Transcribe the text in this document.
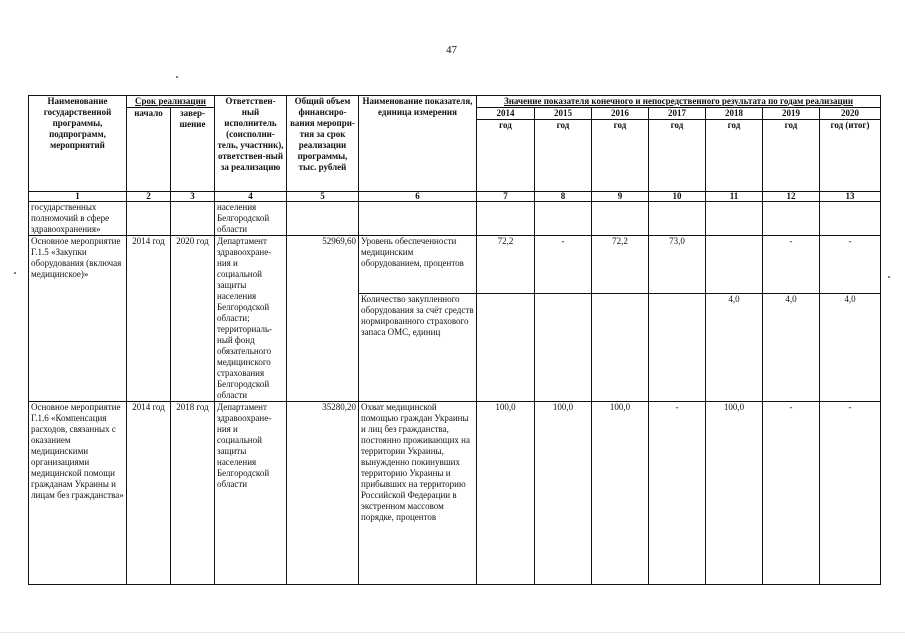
47
Наименование государственной программы, подпрограмм, мероприятий	Срок реализации		Ответствен-ный исполнитель (соисполни-тель, участник), ответствен-ный за реализацию	Общий объем финансиро-вания меропри-тия за срок реализации программы, тыс. рублей	Наименование показателя, единица измерения	Значение показателя конечного и непосредственного результата по годам реализации						
	начало	завер-шение				2014	2015	2016	2017	2018	2019	2020
						год	год	год	год	год	год	год (итог)
1	2	3	4	5	6	7	8	9	10	11	12	13
государственных полномочий в сфере здравоохранения»			населения Белгородской области									
Основное мероприятие Г.1.5 «Закупки оборудования (включая медицинское)»	2014 год	2020 год	Департамент здравоохране-ния и социальной защиты населения Белгородской области; территориаль-ный фонд обязательного медицинского страхования Белгородской области	52969,60	Уровень обеспеченности медицинским оборудованием, процентов	72,2	-	72,2	73,0		-	-
					Количество закупленного оборудования за счёт средств нормированного страхового запаса ОМС, единиц					4,0	4,0	4,0
Основное мероприятие Г.1.6 «Компенсация расходов, связанных с оказанием медицинскими организациями медицинской помощи гражданам Украины и лицам без гражданства»	2014 год	2018 год	Департамент здравоохране-ния и социальной защиты населения Белгородской области	35280,20	Охват медицинской помощью граждан Украины и лиц без гражданства, постоянно проживающих на территории Украины, вынужденно покинувших территорию Украины и прибывших на территорию Российской Федерации в экстренном массовом порядке, процентов	100,0	100,0	100,0	-	100,0	-	-
